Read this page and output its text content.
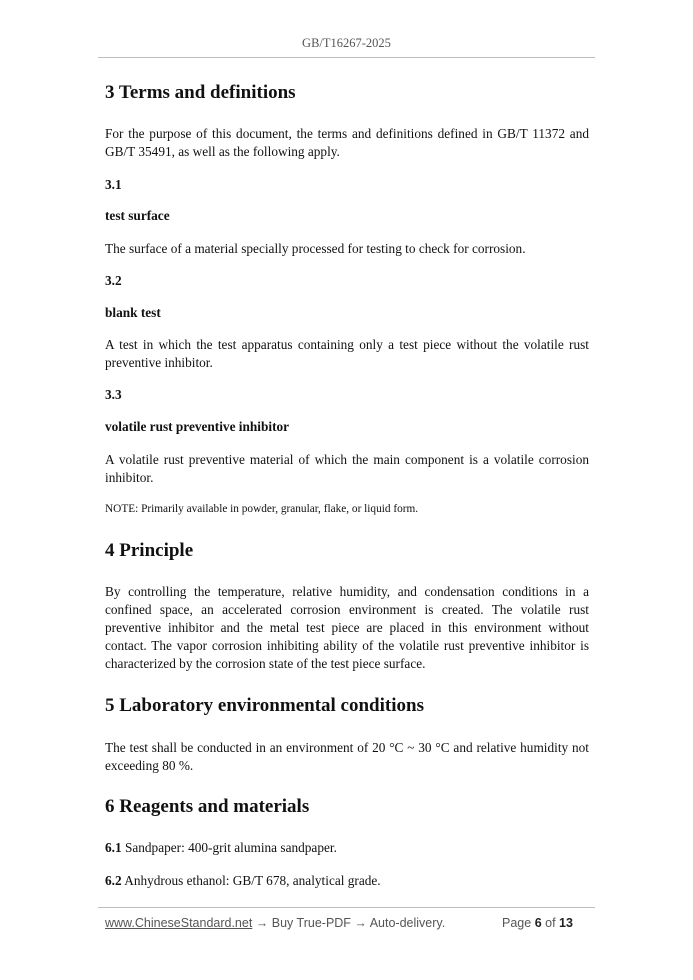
GB/T16267-2025
3 Terms and definitions
For the purpose of this document, the terms and definitions defined in GB/T 11372 and GB/T 35491, as well as the following apply.
3.1
test surface
The surface of a material specially processed for testing to check for corrosion.
3.2
blank test
A test in which the test apparatus containing only a test piece without the volatile rust preventive inhibitor.
3.3
volatile rust preventive inhibitor
A volatile rust preventive material of which the main component is a volatile corrosion inhibitor.
NOTE: Primarily available in powder, granular, flake, or liquid form.
4 Principle
By controlling the temperature, relative humidity, and condensation conditions in a confined space, an accelerated corrosion environment is created. The volatile rust preventive inhibitor and the metal test piece are placed in this environment without contact. The vapor corrosion inhibiting ability of the volatile rust preventive inhibitor is characterized by the corrosion state of the test piece surface.
5 Laboratory environmental conditions
The test shall be conducted in an environment of 20 °C ~ 30 °C and relative humidity not exceeding 80 %.
6 Reagents and materials
6.1 Sandpaper: 400-grit alumina sandpaper.
6.2 Anhydrous ethanol: GB/T 678, analytical grade.
www.ChineseStandard.net → Buy True-PDF → Auto-delivery.	Page 6 of 13
